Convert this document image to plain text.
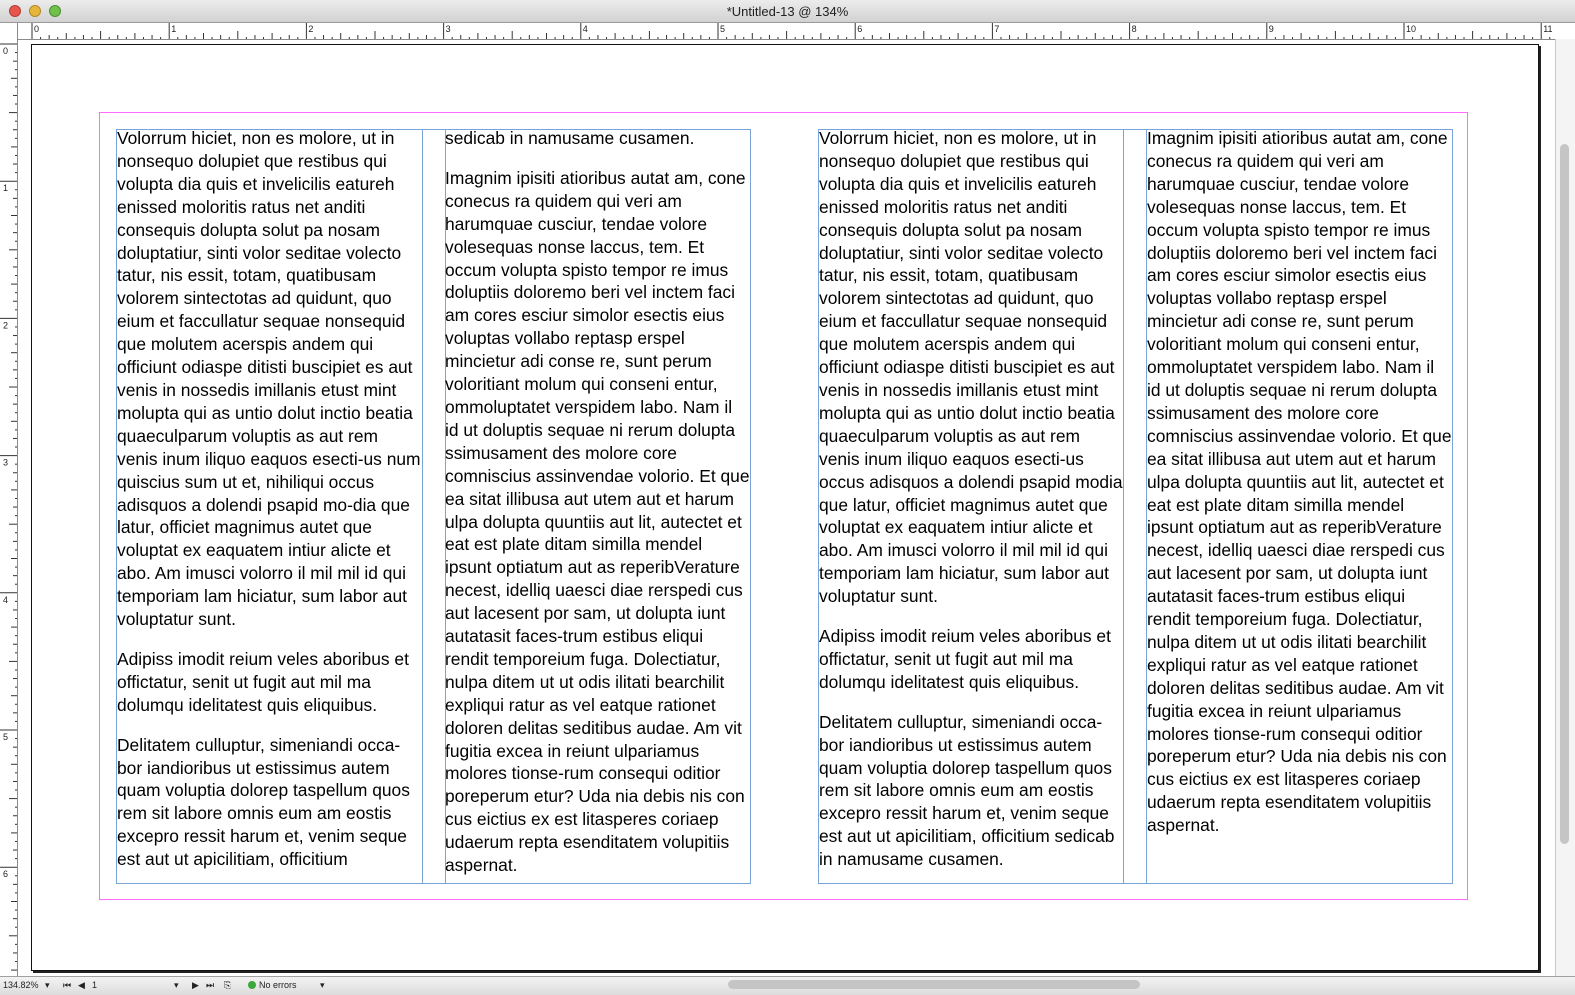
*Untitled-13 @ 134%
0	1	2	3	4	5	6	7	8	9	10	11
0
1
2
3
4
5
6

Volorrum hiciet, non es molore, ut in nonsequo dolupiet que restibus qui volupta dia quis et invelicilis eatureh enissed moloritis ratus net anditi consequis dolupta solut pa nosam doluptatiur, sinti volor seditae volecto tatur, nis essit, totam, quatibusam volorem sintectotas ad quidunt, quo eium et faccullatur sequae nonsequid que molutem acerspis andem qui officiunt odiaspe ditisti buscipiet es aut venis in nossedis imillanis etust mint molupta qui as untio dolut inctio beatia quaeculparum voluptis as aut rem venis inum iliquo eaquos esecti-us num quiscius sum ut et, nihiliqui occus adisquos a dolendi psapid mo-dia que latur, officiet magnimus autet que voluptat ex eaquatem intiur alicte et abo. Am imusci volorro il mil mil id qui temporiam lam hiciatur, sum labor aut voluptatur sunt.

Adipiss imodit reium veles aboribus et offictatur, senit ut fugit aut mil ma dolumqu idelitatest quis eliquibus.

Delitatem culluptur, simeniandi occa-bor iandioribus ut estissimus autem quam voluptia dolorep taspellum quos rem sit labore omnis eum am eostis excepro ressit harum et, venim seque est aut ut apicilitiam, officitium

sedicab in namusame cusamen.

Imagnim ipisiti atioribus autat am, cone conecus ra quidem qui veri am harumquae cusciur, tendae volore volesequas nonse laccus, tem. Et occum volupta spisto tempor re imus doluptiis doloremo beri vel inctem faci am cores esciur simolor esectis eius voluptas vollabo reptasp erspel mincietur adi conse re, sunt perum voloritiant molum qui conseni entur, ommoluptatet verspidem labo. Nam il id ut doluptis sequae ni rerum dolupta ssimusament des molore core comniscius assinvendae volorio. Et que ea sitat illibusa aut utem aut et harum ulpa dolupta quuntiis aut lit, autectet et eat est plate ditam similla mendel ipsunt optiatum aut as reperibVerature necest, idelliq uaesci diae rerspedi cus aut lacesent por sam, ut dolupta iunt autatasit faces-trum estibus eliqui rendit temporeium fuga. Dolectiatur, nulpa ditem ut ut odis ilitati bearchilit expliqui ratur as vel eatque rationet doloren delitas seditibus audae. Am vit fugitia excea in reiunt ulpariamus molores tionse-rum consequi oditior poreperum etur? Uda nia debis nis con cus eictius ex est litasperes coriaep udaerum repta esenditatem volupitiis aspernat.

Volorrum hiciet, non es molore, ut in nonsequo dolupiet que restibus qui volupta dia quis et invelicilis eatureh enissed moloritis ratus net anditi consequis dolupta solut pa nosam doluptatiur, sinti volor seditae volecto tatur, nis essit, totam, quatibusam volorem sintectotas ad quidunt, quo eium et faccullatur sequae nonsequid que molutem acerspis andem qui officiunt odiaspe ditisti buscipiet es aut venis in nossedis imillanis etust mint molupta qui as untio dolut inctio beatia quaeculparum voluptis as aut rem venis inum iliquo eaquos esecti-us occus adisquos a dolendi psapid modia que latur, officiet magnimus autet que voluptat ex eaquatem intiur alicte et abo. Am imusci volorro il mil mil id qui temporiam lam hiciatur, sum labor aut voluptatur sunt.

Adipiss imodit reium veles aboribus et offictatur, senit ut fugit aut mil ma dolumqu idelitatest quis eliquibus.

Delitatem culluptur, simeniandi occa-bor iandioribus ut estissimus autem quam voluptia dolorep taspellum quos rem sit labore omnis eum am eostis excepro ressit harum et, venim seque est aut ut apicilitiam, officitium sedicab in namusame cusamen.

Imagnim ipisiti atioribus autat am, cone conecus ra quidem qui veri am harumquae cusciur, tendae volore volesequas nonse laccus, tem. Et occum volupta spisto tempor re imus doluptiis doloremo beri vel inctem faci am cores esciur simolor esectis eius voluptas vollabo reptasp erspel mincietur adi conse re, sunt perum voloritiant molum qui conseni entur, ommoluptatet verspidem labo. Nam il id ut doluptis sequae ni rerum dolupta ssimusament des molore core comniscius assinvendae volorio. Et que ea sitat illibusa aut utem aut et harum ulpa dolupta quuntiis aut lit, autectet et eat est plate ditam similla mendel ipsunt optiatum aut as reperibVerature necest, idelliq uaesci diae rerspedi cus aut lacesent por sam, ut dolupta iunt autatasit faces-trum estibus eliqui rendit temporeium fuga. Dolectiatur, nulpa ditem ut ut odis ilitati bearchilit expliqui ratur as vel eatque rationet doloren delitas seditibus audae. Am vit fugitia excea in reiunt ulpariamus molores tionse-rum consequi oditior poreperum etur? Uda nia debis nis con cus eictius ex est litasperes coriaep udaerum repta esenditatem volupitiis aspernat.

134.82% ▾ ⏮ ◀ 1	▾ ▶ ⏭ ⎘	No errors	▾
